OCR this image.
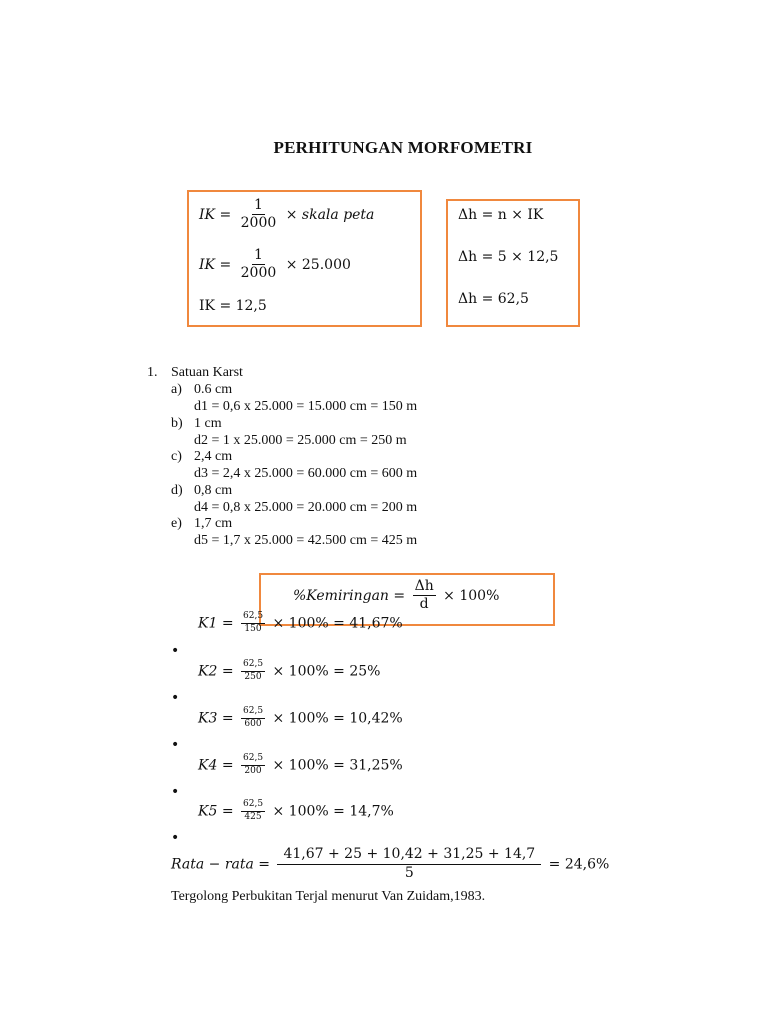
PERHITUNGAN MORFOMETRI
IK = $\frac{1}{2000}$ × skala peta
IK = $\frac{1}{2000} \times 25.000$
IK = 12,5
Δh = n × IK
Δh = 5 × 12,5
Δh = 62,5
1. Satuan Karst
a) 0.6 cm
d1 = 0,6 x 25.000 = 15.000 cm = 150 m
b) 1 cm
d2 = 1 x 25.000 = 25.000 cm = 250 m
c) 2,4 cm
d3 = 2,4 x 25.000 = 60.000 cm = 600 m
d) 0,8 cm
d4 = 0,8 x 25.000 = 20.000 cm = 200 m
e) 1,7 cm
d5 = 1,7 x 25.000 = 42.500 cm = 425 m
%Kemiringan = $\frac{\Delta h}{d} \times 100\%$
$K1 = \frac{62,5}{150} \times 100\% = 41,67\%$
•
$K2 = \frac{62,5}{250} \times 100\% = 25\%$
•
$K3 = \frac{62,5}{600} \times 100\% = 10,42\%$
•
$K4 = \frac{62,5}{200} \times 100\% = 31,25\%$
•
$K5 = \frac{62,5}{425} \times 100\% = 14,7\%$
•
Rata − rata = $\frac{41,67 + 25 + 10,42 + 31,25 + 14,7}{5} = 24,6\%$
Tergolong Perbukitan Terjal menurut Van Zuidam,1983.
